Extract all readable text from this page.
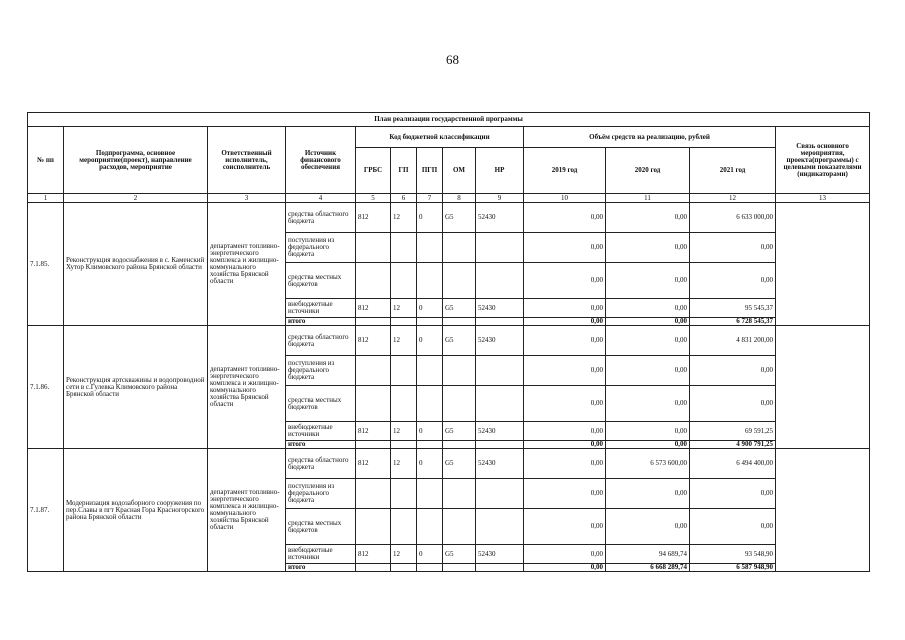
68
План реализации государственной программы												
№ пп	Подпрограмма, основное мероприятие(проект), направление расходов, мероприятие	Ответственный исполнитель, соисполнитель	Источник финансового обеспечения	Код бюджетной классификации					Объём средств на реализацию, рублей			Связь основного мероприятия, проекта(программы) с целевыми показателями (индикаторами)
				ГРБС	ГП	ПГП	ОМ	НР	2019 год	2020 год	2021 год	
1	2	3	4	5	6	7	8	9	10	11	12	13
7.1.85.	Реконструкция водоснабжения в с. Каменский Хутор Климовского района Брянской области	департамент топливно-энергетического комплекса и жилищно-коммунального хозяйства Брянской области	средства областного бюджета	812	12	0	G5	52430	0,00	0,00	6 633 000,00	
			поступления из федерального бюджета						0,00	0,00	0,00	
			средства местных бюджетов						0,00	0,00	0,00	
			внебюджетные источники	812	12	0	G5	52430	0,00	0,00	95 545,37	
			итого						0,00	0,00	6 728 545,37	
7.1.86.	Реконструкция артскважины и водопроводной сети в с.Гулевка Климовского района Брянской области	департамент топливно-энергетического комплекса и жилищно-коммунального хозяйства Брянской области	средства областного бюджета	812	12	0	G5	52430	0,00	0,00	4 831 200,00	
			поступления из федерального бюджета						0,00	0,00	0,00	
			средства местных бюджетов						0,00	0,00	0,00	
			внебюджетные источники	812	12	0	G5	52430	0,00	0,00	69 591,25	
			итого						0,00	0,00	4 900 791,25	
7.1.87.	Модернизация водозаборного сооружения по пер.Славы в пгт Красная Гора Красногорского района Брянской области	департамент топливно-энергетического комплекса и жилищно-коммунального хозяйства Брянской области	средства областного бюджета	812	12	0	G5	52430	0,00	6 573 600,00	6 494 400,00	
			поступления из федерального бюджета						0,00	0,00	0,00	
			средства местных бюджетов						0,00	0,00	0,00	
			внебюджетные источники	812	12	0	G5	52430	0,00	94 689,74	93 548,90	
			итого						0,00	6 668 289,74	6 587 948,90	
